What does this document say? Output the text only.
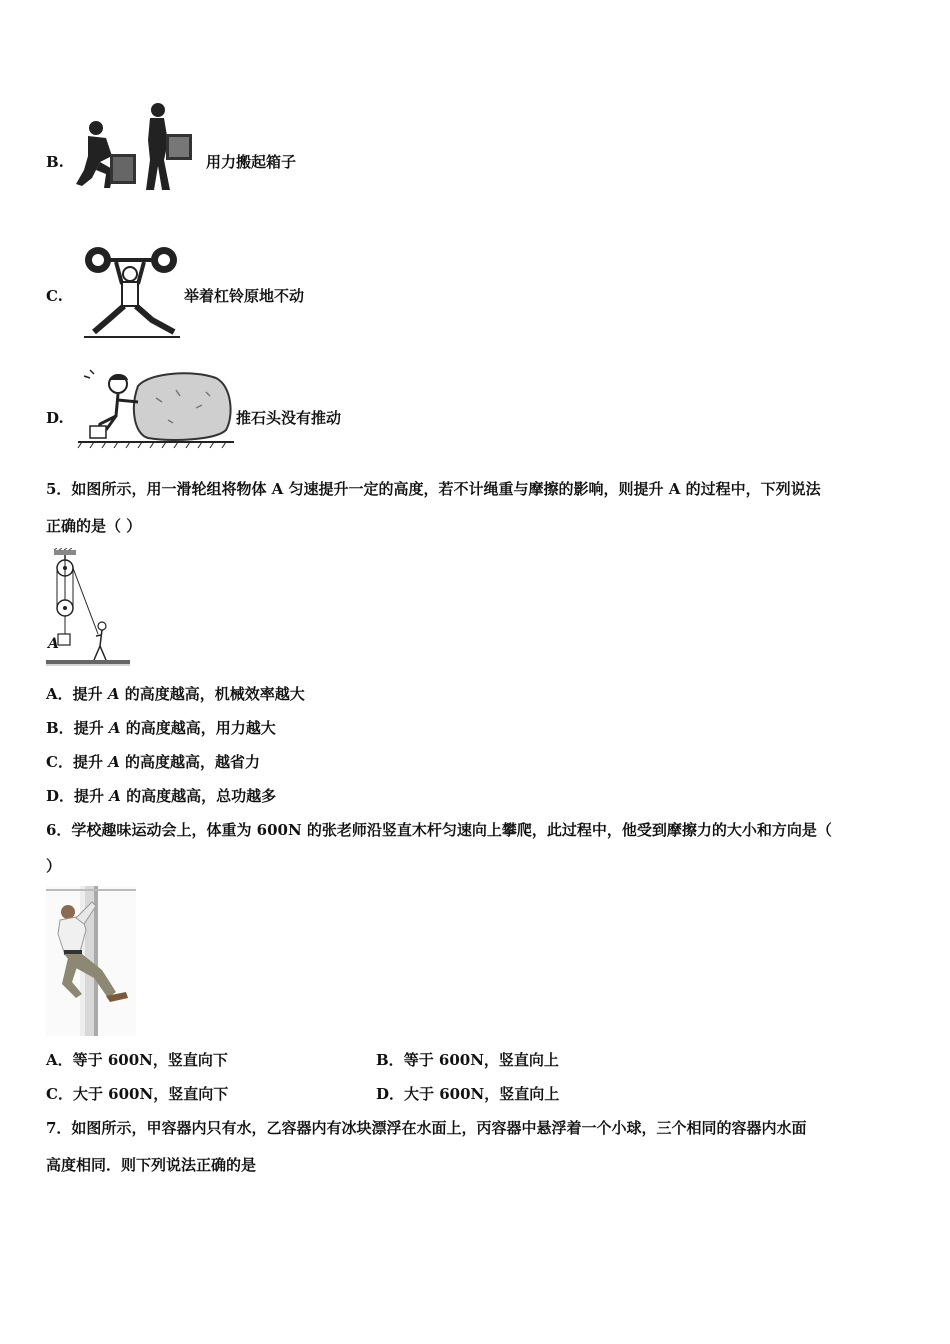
B.	用力搬起箱子
C.	举着杠铃原地不动
D.	推石头没有推动
5．如图所示，用一滑轮组将物体 A 匀速提升一定的高度，若不计绳重与摩擦的影响，则提升 A 的过程中，下列说法
正确的是（ ）
A
A．提升 A 的高度越高，机械效率越大
B．提升 A 的高度越高，用力越大
C．提升 A 的高度越高，越省力
D．提升 A 的高度越高，总功越多
6．学校趣味运动会上，体重为 600N 的张老师沿竖直木杆匀速向上攀爬，此过程中，他受到摩擦力的大小和方向是（
）
A．等于 600N，竖直向下	B．等于 600N，竖直向上
C．大于 600N，竖直向下	D．大于 600N，竖直向上
7．如图所示，甲容器内只有水，乙容器内有冰块漂浮在水面上，丙容器中悬浮着一个小球，三个相同的容器内水面
高度相同．则下列说法正确的是
